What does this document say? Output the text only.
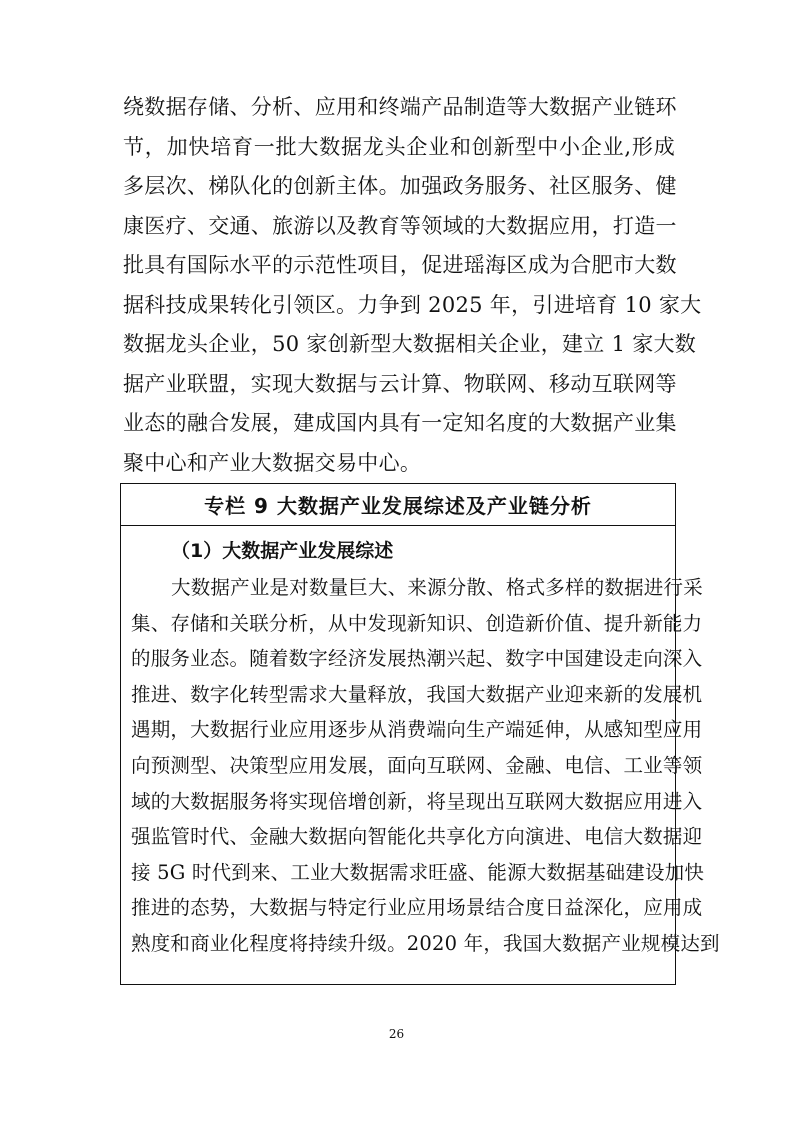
绕数据存储、分析、应用和终端产品制造等大数据产业链环
节，加快培育一批大数据龙头企业和创新型中小企业,形成
多层次、梯队化的创新主体。加强政务服务、社区服务、健
康医疗、交通、旅游以及教育等领域的大数据应用，打造一
批具有国际水平的示范性项目，促进瑶海区成为合肥市大数
据科技成果转化引领区。力争到 2025 年，引进培育 10 家大
数据龙头企业，50 家创新型大数据相关企业，建立 1 家大数
据产业联盟，实现大数据与云计算、物联网、移动互联网等
业态的融合发展，建成国内具有一定知名度的大数据产业集
聚中心和产业大数据交易中心。
专栏 9 大数据产业发展综述及产业链分析
（1）大数据产业发展综述
大数据产业是对数量巨大、来源分散、格式多样的数据进行采
集、存储和关联分析，从中发现新知识、创造新价值、提升新能力
的服务业态。随着数字经济发展热潮兴起、数字中国建设走向深入
推进、数字化转型需求大量释放，我国大数据产业迎来新的发展机
遇期，大数据行业应用逐步从消费端向生产端延伸，从感知型应用
向预测型、决策型应用发展，面向互联网、金融、电信、工业等领
域的大数据服务将实现倍增创新，将呈现出互联网大数据应用进入
强监管时代、金融大数据向智能化共享化方向演进、电信大数据迎
接 5G 时代到来、工业大数据需求旺盛、能源大数据基础建设加快
推进的态势，大数据与特定行业应用场景结合度日益深化，应用成
熟度和商业化程度将持续升级。2020 年，我国大数据产业规模达到
26
